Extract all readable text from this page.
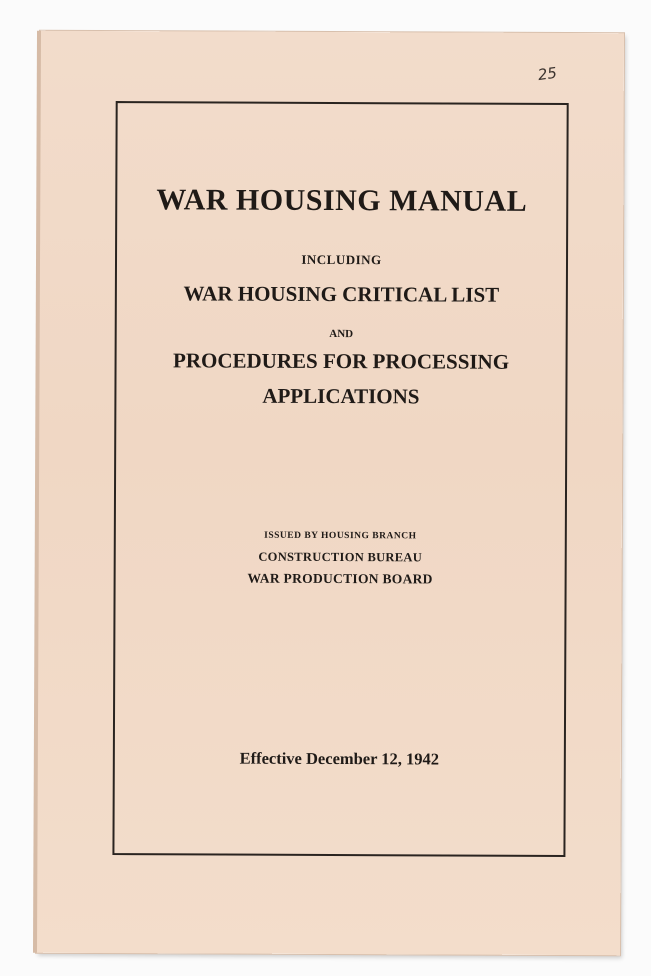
25
WAR HOUSING MANUAL
INCLUDING
WAR HOUSING CRITICAL LIST
AND
PROCEDURES FOR PROCESSING
APPLICATIONS
ISSUED BY HOUSING BRANCH
CONSTRUCTION BUREAU
WAR PRODUCTION BOARD
Effective December 12, 1942
